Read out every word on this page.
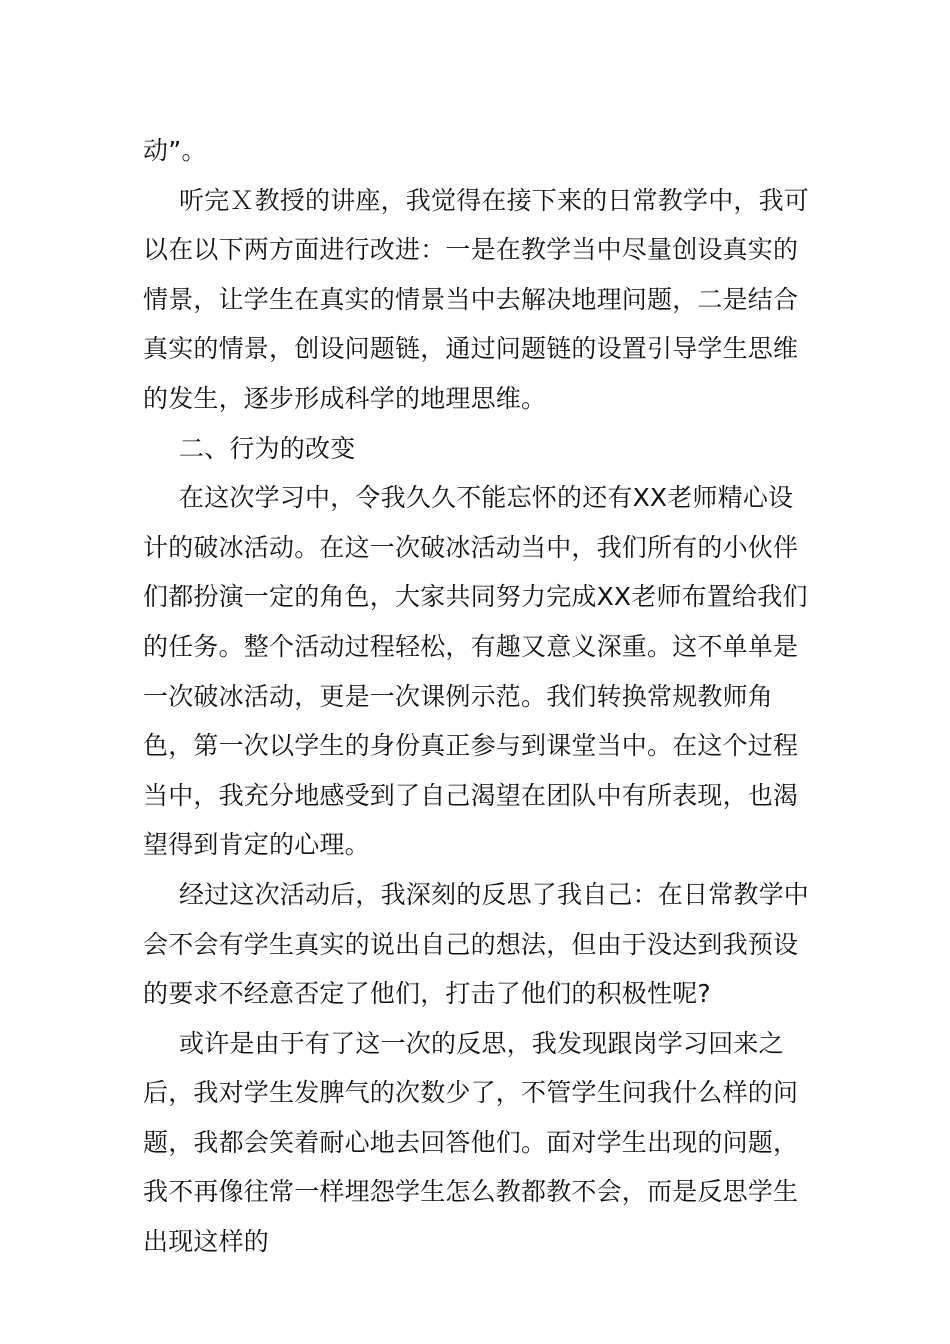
动”。

听完Ｘ教授的讲座，我觉得在接下来的日常教学中，我可以在以下两方面进行改进：一是在教学当中尽量创设真实的情景，让学生在真实的情景当中去解决地理问题，二是结合真实的情景，创设问题链，通过问题链的设置引导学生思维的发生，逐步形成科学的地理思维。

二、行为的改变

在这次学习中，令我久久不能忘怀的还有XX老师精心设计的破冰活动。在这一次破冰活动当中，我们所有的小伙伴们都扮演一定的角色，大家共同努力完成XX老师布置给我们的任务。整个活动过程轻松，有趣又意义深重。这不单单是一次破冰活动，更是一次课例示范。我们转换常规教师角色，第一次以学生的身份真正参与到课堂当中。在这个过程当中，我充分地感受到了自己渴望在团队中有所表现，也渴望得到肯定的心理。

经过这次活动后，我深刻的反思了我自己：在日常教学中会不会有学生真实的说出自己的想法，但由于没达到我预设的要求不经意否定了他们，打击了他们的积极性呢?

或许是由于有了这一次的反思，我发现跟岗学习回来之后，我对学生发脾气的次数少了，不管学生问我什么样的问题，我都会笑着耐心地去回答他们。面对学生出现的问题，我不再像往常一样埋怨学生怎么教都教不会，而是反思学生出现这样的
